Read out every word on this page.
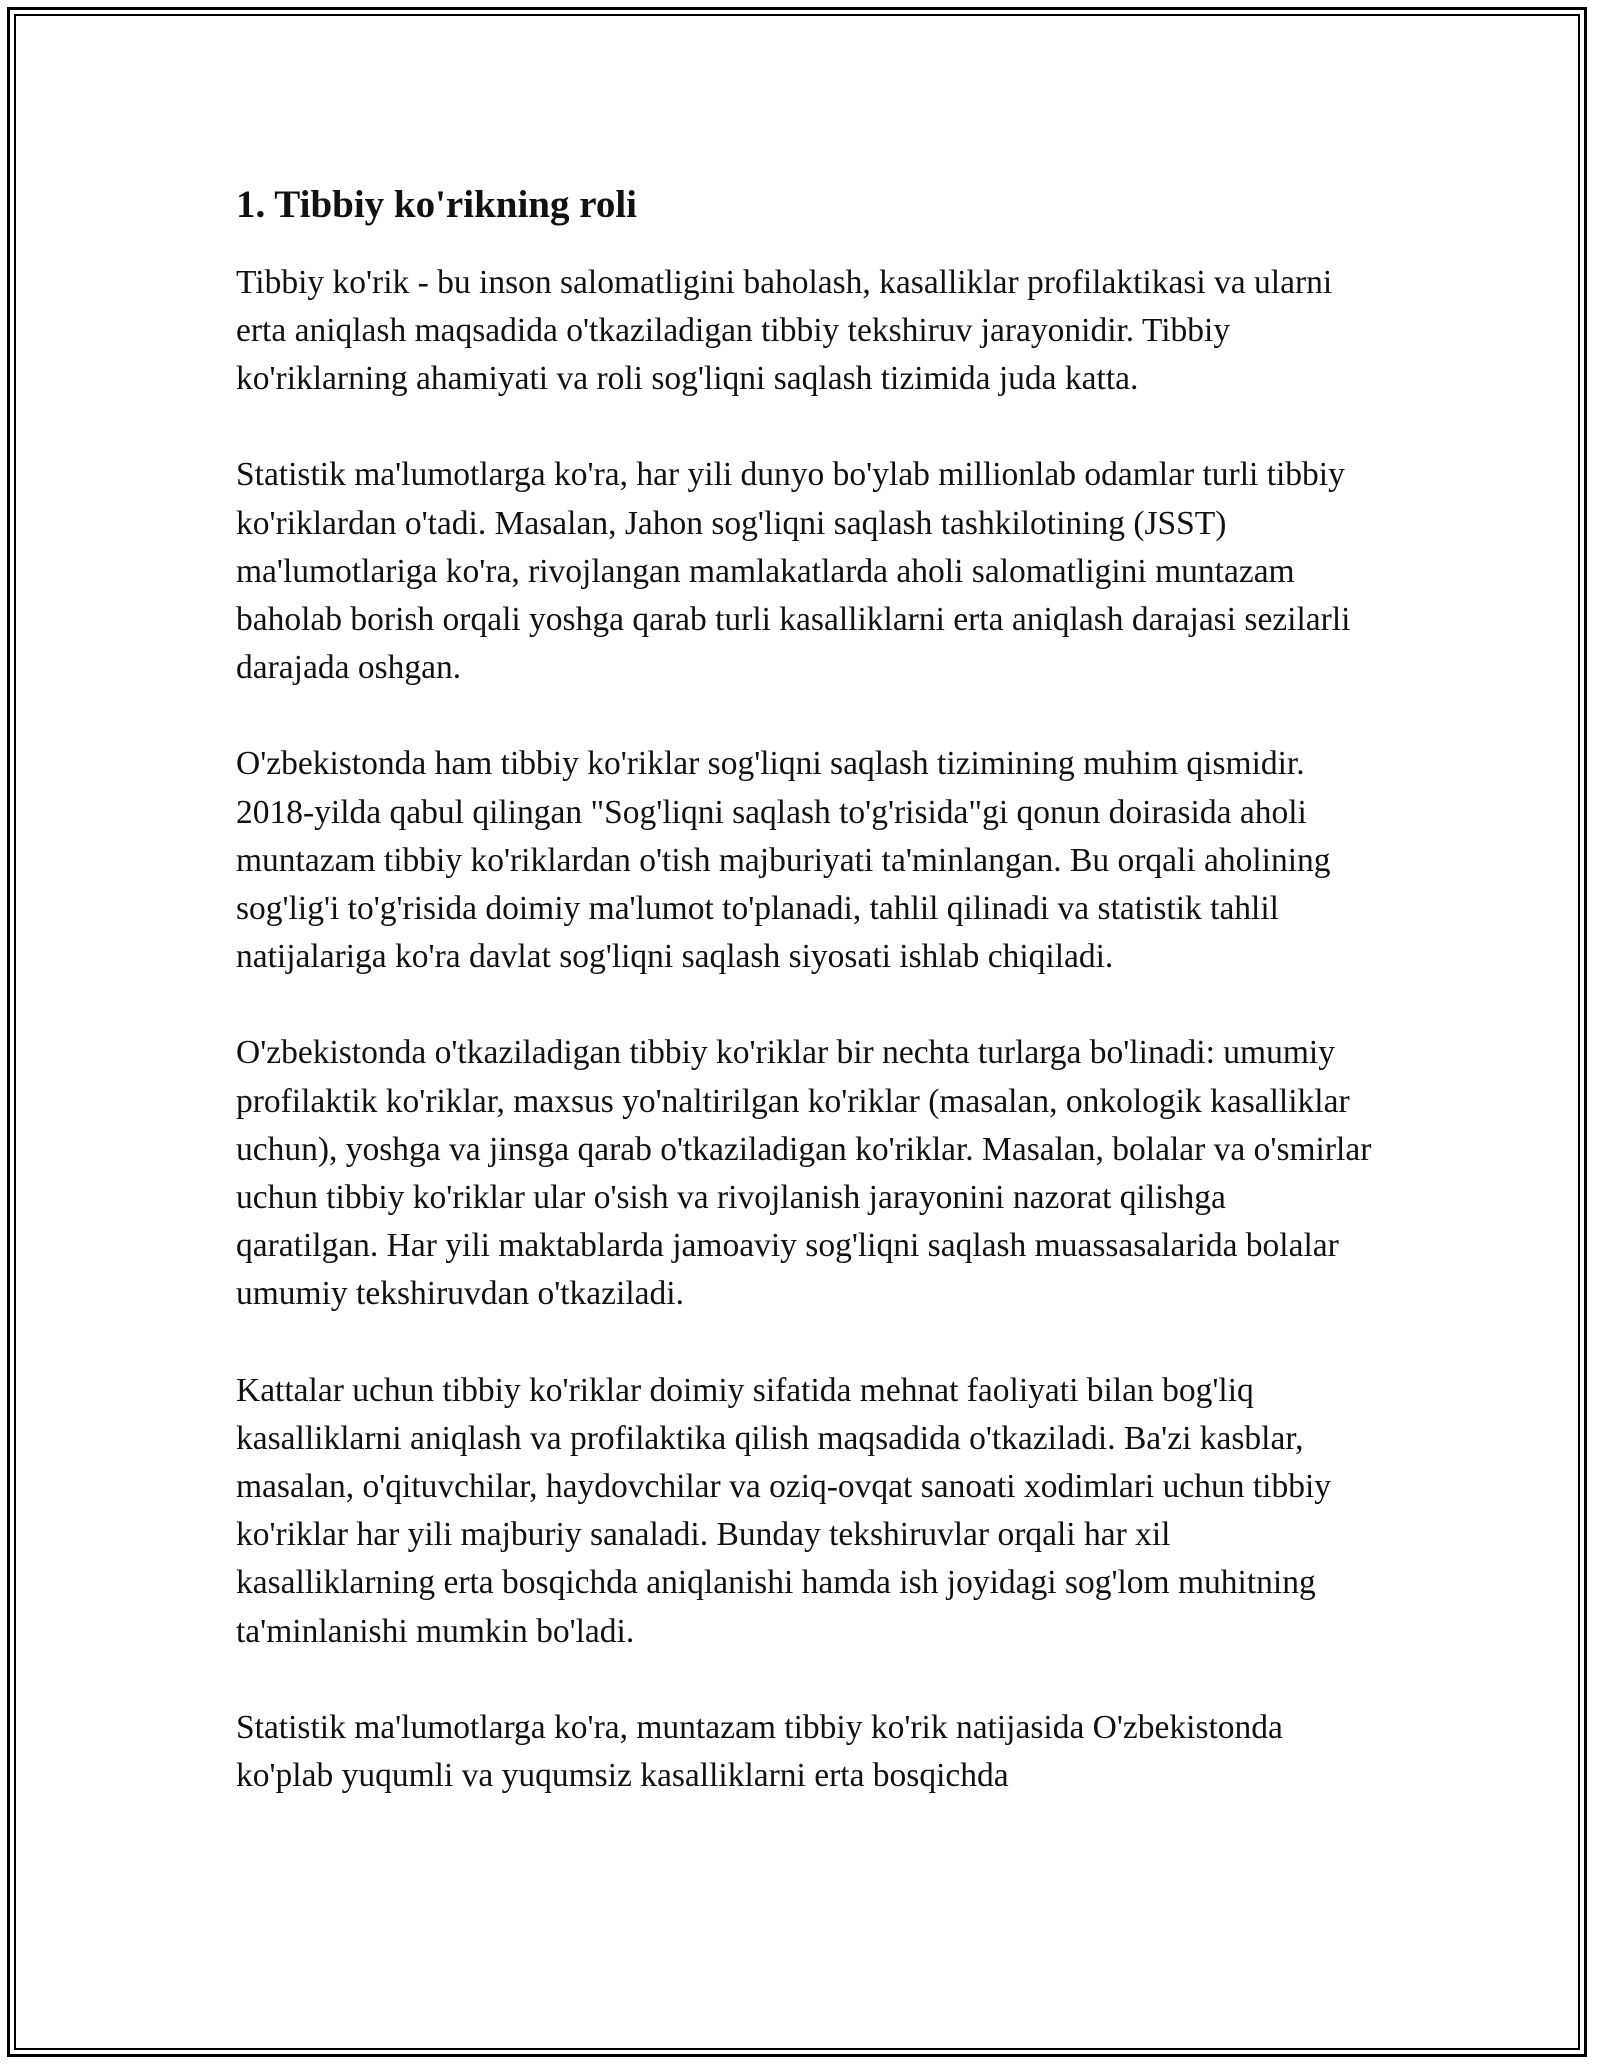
1. Tibbiy ko'rikning roli

Tibbiy ko'rik - bu inson salomatligini baholash, kasalliklar profilaktikasi va ularni erta aniqlash maqsadida o'tkaziladigan tibbiy tekshiruv jarayonidir. Tibbiy ko'riklarning ahamiyati va roli sog'liqni saqlash tizimida juda katta.

Statistik ma'lumotlarga ko'ra, har yili dunyo bo'ylab millionlab odamlar turli tibbiy ko'riklardan o'tadi. Masalan, Jahon sog'liqni saqlash tashkilotining (JSST) ma'lumotlariga ko'ra, rivojlangan mamlakatlarda aholi salomatligini muntazam baholab borish orqali yoshga qarab turli kasalliklarni erta aniqlash darajasi sezilarli darajada oshgan.

O'zbekistonda ham tibbiy ko'riklar sog'liqni saqlash tizimining muhim qismidir. 2018-yilda qabul qilingan "Sog'liqni saqlash to'g'risida"gi qonun doirasida aholi muntazam tibbiy ko'riklardan o'tish majburiyati ta'minlangan. Bu orqali aholining sog'lig'i to'g'risida doimiy ma'lumot to'planadi, tahlil qilinadi va statistik tahlil natijalariga ko'ra davlat sog'liqni saqlash siyosati ishlab chiqiladi.

O'zbekistonda o'tkaziladigan tibbiy ko'riklar bir nechta turlarga bo'linadi: umumiy profilaktik ko'riklar, maxsus yo'naltirilgan ko'riklar (masalan, onkologik kasalliklar uchun), yoshga va jinsga qarab o'tkaziladigan ko'riklar. Masalan, bolalar va o'smirlar uchun tibbiy ko'riklar ular o'sish va rivojlanish jarayonini nazorat qilishga qaratilgan. Har yili maktablarda jamoaviy sog'liqni saqlash muassasalarida bolalar umumiy tekshiruvdan o'tkaziladi.

Kattalar uchun tibbiy ko'riklar doimiy sifatida mehnat faoliyati bilan bog'liq kasalliklarni aniqlash va profilaktika qilish maqsadida o'tkaziladi. Ba'zi kasblar, masalan, o'qituvchilar, haydovchilar va oziq-ovqat sanoati xodimlari uchun tibbiy ko'riklar har yili majburiy sanaladi. Bunday tekshiruvlar orqali har xil kasalliklarning erta bosqichda aniqlanishi hamda ish joyidagi sog'lom muhitning ta'minlanishi mumkin bo'ladi.

Statistik ma'lumotlarga ko'ra, muntazam tibbiy ko'rik natijasida O'zbekistonda ko'plab yuqumli va yuqumsiz kasalliklarni erta bosqichda
